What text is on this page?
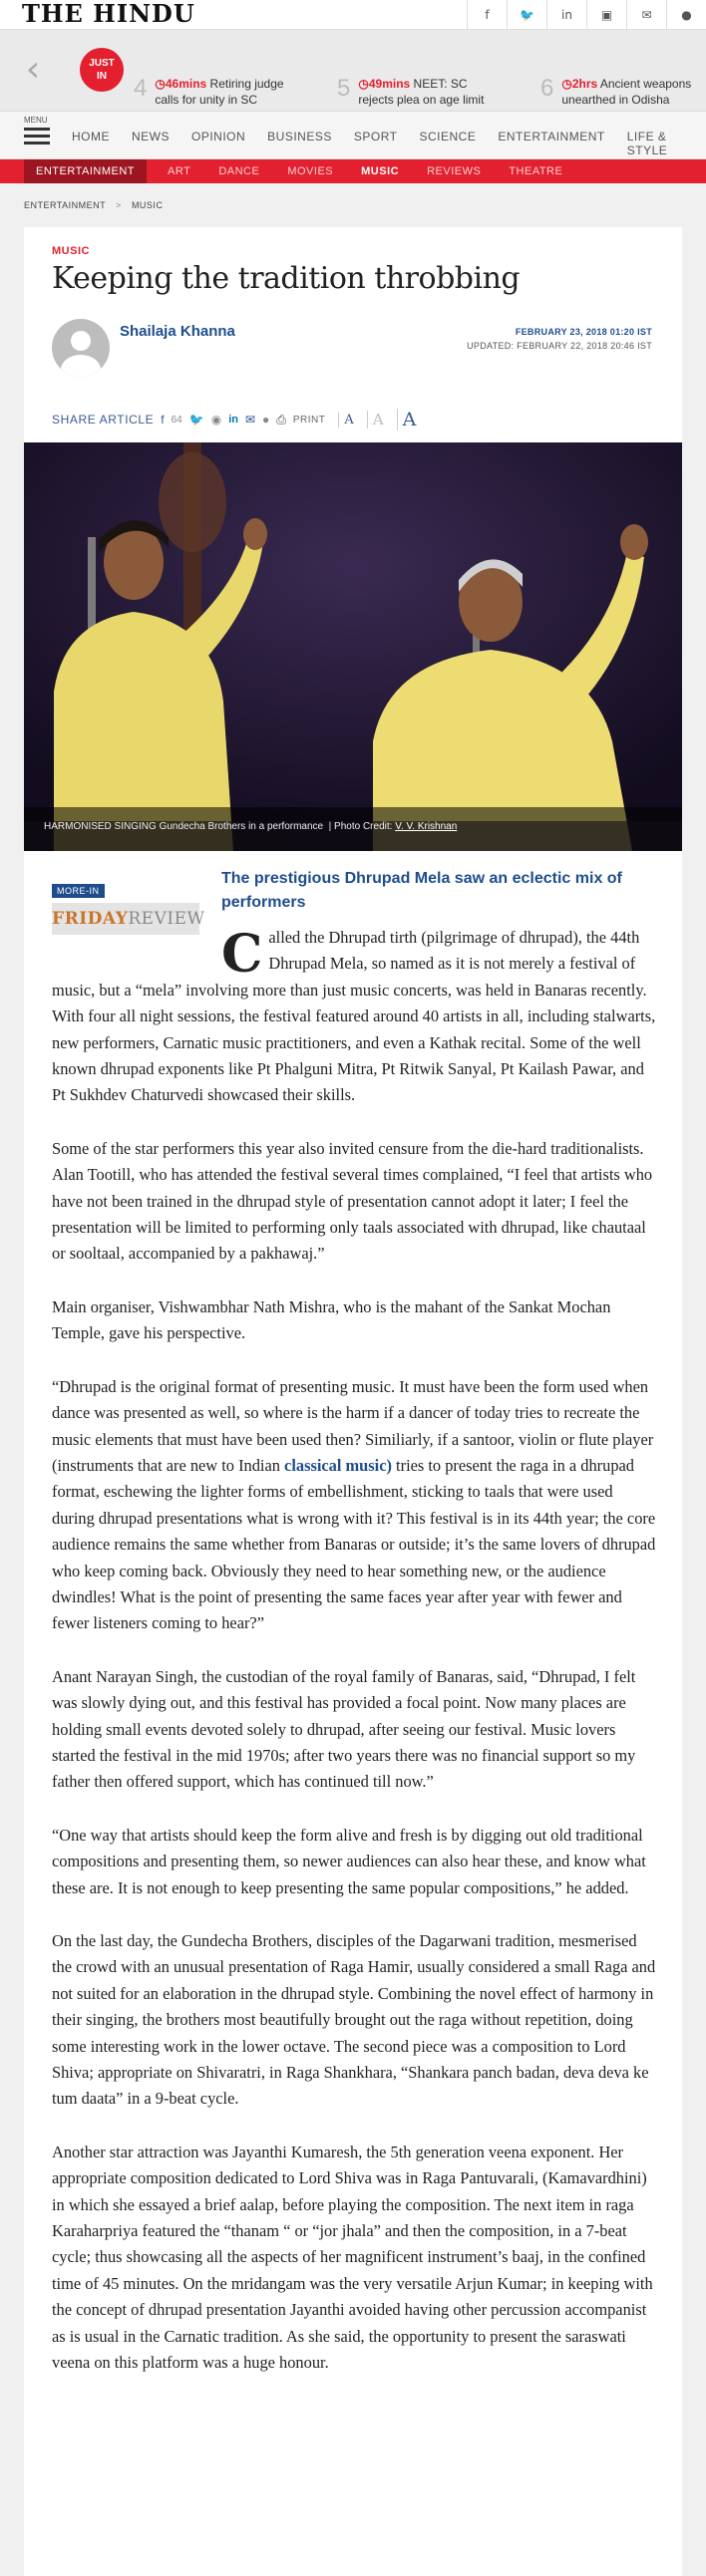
THE HINDU	f	🐦	in	▣	✉	●
‹	JUST
IN	4 ◷46mins Retiring judge calls for unity in SC	5 ◷49mins NEET: SC rejects plea on age limit	6 ◷2hrs Ancient weapons unearthed in Odisha
MENU
HOME NEWS OPINION BUSINESS SPORT SCIENCE ENTERTAINMENT LIFE & STYLE
ENTERTAINMENT	ART	DANCE	MOVIES	MUSIC	REVIEWS	THEATRE
ENTERTAINMENT > MUSIC
MUSIC
Keeping the tradition throbbing
Shailaja Khanna	FEBRUARY 23, 2018 01:20 IST
UPDATED: FEBRUARY 22, 2018 20:46 IST
SHARE ARTICLE f 64 🐦 ◉ in ✉ ● ⎙ PRINT	A	A	A
HARMONISED SINGING Gundecha Brothers in a performance  | Photo Credit: V. V. Krishnan
MORE-IN
FRIDAYREVIEW
The prestigious Dhrupad Mela saw an eclectic mix of performers

Called the Dhrupad tirth (pilgrimage of dhrupad), the 44th Dhrupad Mela, so named as it is not merely a festival of music, but a “mela” involving more than just music concerts, was held in Banaras recently. With four all night sessions, the festival featured around 40 artists in all, including stalwarts, new performers, Carnatic music practitioners, and even a Kathak recital. Some of the well known dhrupad exponents like Pt Phalguni Mitra, Pt Ritwik Sanyal, Pt Kailash Pawar, and Pt Sukhdev Chaturvedi showcased their skills.

Some of the star performers this year also invited censure from the die-hard traditionalists. Alan Tootill, who has attended the festival several times complained, “I feel that artists who have not been trained in the dhrupad style of presentation cannot adopt it later; I feel the presentation will be limited to performing only taals associated with dhrupad, like chautaal or sooltaal, accompanied by a pakhawaj.”

Main organiser, Vishwambhar Nath Mishra, who is the mahant of the Sankat Mochan Temple, gave his perspective.

“Dhrupad is the original format of presenting music. It must have been the form used when dance was presented as well, so where is the harm if a dancer of today tries to recreate the music elements that must have been used then? Similiarly, if a santoor, violin or flute player (instruments that are new to Indian classical music) tries to present the raga in a dhrupad format, eschewing the lighter forms of embellishment, sticking to taals that were used during dhrupad presentations what is wrong with it? This festival is in its 44th year; the core audience remains the same whether from Banaras or outside; it’s the same lovers of dhrupad who keep coming back. Obviously they need to hear something new, or the audience dwindles! What is the point of presenting the same faces year after year with fewer and fewer listeners coming to hear?”

Anant Narayan Singh, the custodian of the royal family of Banaras, said, “Dhrupad, I felt was slowly dying out, and this festival has provided a focal point. Now many places are holding small events devoted solely to dhrupad, after seeing our festival. Music lovers started the festival in the mid 1970s; after two years there was no financial support so my father then offered support, which has continued till now.”

“One way that artists should keep the form alive and fresh is by digging out old traditional compositions and presenting them, so newer audiences can also hear these, and know what these are. It is not enough to keep presenting the same popular compositions,” he added.

On the last day, the Gundecha Brothers, disciples of the Dagarwani tradition, mesmerised the crowd with an unusual presentation of Raga Hamir, usually considered a small Raga and not suited for an elaboration in the dhrupad style. Combining the novel effect of harmony in their singing, the brothers most beautifully brought out the raga without repetition, doing some interesting work in the lower octave. The second piece was a composition to Lord Shiva; appropriate on Shivaratri, in Raga Shankhara, “Shankara panch badan, deva deva ke tum daata” in a 9-beat cycle.

Another star attraction was Jayanthi Kumaresh, the 5th generation veena exponent. Her appropriate composition dedicated to Lord Shiva was in Raga Pantuvarali, (Kamavardhini) in which she essayed a brief aalap, before playing the composition. The next item in raga Karaharpriya featured the “thanam “ or “jor jhala” and then the composition, in a 7-beat cycle; thus showcasing all the aspects of her magnificent instrument’s baaj, in the confined time of 45 minutes. On the mridangam was the very versatile Arjun Kumar; in keeping with the concept of dhrupad presentation Jayanthi avoided having other percussion accompanist as is usual in the Carnatic tradition. As she said, the opportunity to present the saraswati veena on this platform was a huge honour.
